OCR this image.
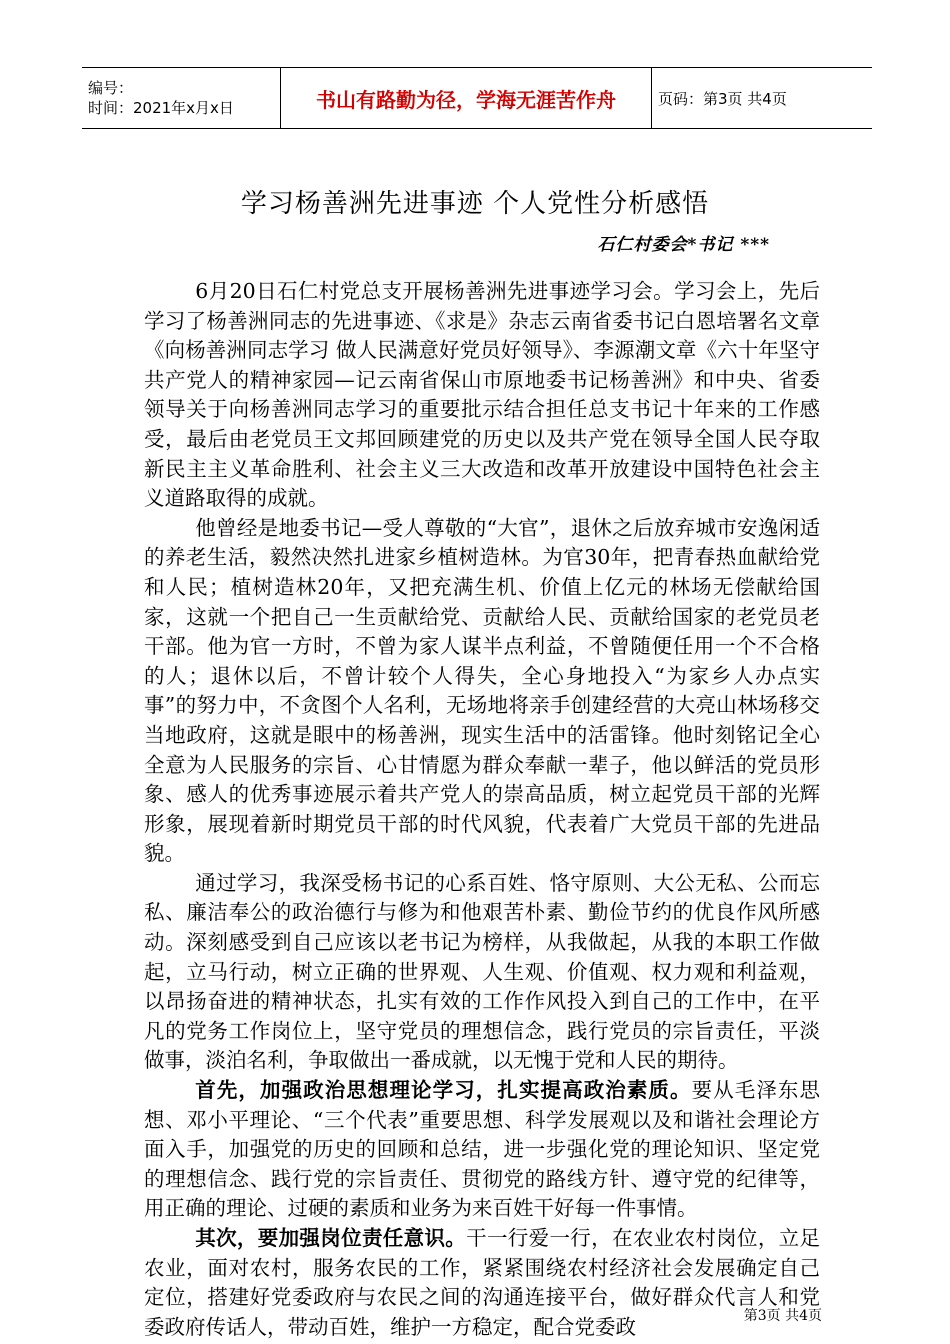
编号：
时间：2021年x月x日	书山有路勤为径，学海无涯苦作舟	页码：第3页 共4页
学习杨善洲先进事迹 个人党性分析感悟
石仁村委会*书记 ***

6月20日石仁村党总支开展杨善洲先进事迹学习会。学习会上，先后学习了杨善洲同志的先进事迹、《求是》杂志云南省委书记白恩培署名文章《向杨善洲同志学习 做人民满意好党员好领导》、李源潮文章《六十年坚守共产党人的精神家园—记云南省保山市原地委书记杨善洲》和中央、省委领导关于向杨善洲同志学习的重要批示结合担任总支书记十年来的工作感受，最后由老党员王文邦回顾建党的历史以及共产党在领导全国人民夺取新民主主义革命胜利、社会主义三大改造和改革开放建设中国特色社会主义道路取得的成就。

他曾经是地委书记—受人尊敬的“大官”，退休之后放弃城市安逸闲适的养老生活，毅然决然扎进家乡植树造林。为官30年，把青春热血献给党和人民；植树造林20年，又把充满生机、价值上亿元的林场无偿献给国家，这就一个把自己一生贡献给党、贡献给人民、贡献给国家的老党员老干部。他为官一方时，不曾为家人谋半点利益，不曾随便任用一个不合格的人；退休以后，不曾计较个人得失，全心身地投入“为家乡人办点实事”的努力中，不贪图个人名利，无场地将亲手创建经营的大亮山林场移交当地政府，这就是眼中的杨善洲，现实生活中的活雷锋。他时刻铭记全心全意为人民服务的宗旨、心甘情愿为群众奉献一辈子，他以鲜活的党员形象、感人的优秀事迹展示着共产党人的崇高品质，树立起党员干部的光辉形象，展现着新时期党员干部的时代风貌，代表着广大党员干部的先进品貌。

通过学习，我深受杨书记的心系百姓、恪守原则、大公无私、公而忘私、廉洁奉公的政治德行与修为和他艰苦朴素、勤俭节约的优良作风所感动。深刻感受到自己应该以老书记为榜样，从我做起，从我的本职工作做起，立马行动，树立正确的世界观、人生观、价值观、权力观和利益观，以昂扬奋进的精神状态，扎实有效的工作作风投入到自己的工作中，在平凡的党务工作岗位上，坚守党员的理想信念，践行党员的宗旨责任，平淡做事，淡泊名利，争取做出一番成就，以无愧于党和人民的期待。

首先，加强政治思想理论学习，扎实提高政治素质。要从毛泽东思想、邓小平理论、“三个代表”重要思想、科学发展观以及和谐社会理论方面入手，加强党的历史的回顾和总结，进一步强化党的理论知识、坚定党的理想信念、践行党的宗旨责任、贯彻党的路线方针、遵守党的纪律等，用正确的理论、过硬的素质和业务为来百姓干好每一件事情。

其次，要加强岗位责任意识。干一行爱一行，在农业农村岗位，立足农业，面对农村，服务农民的工作，紧紧围绕农村经济社会发展确定自己定位，搭建好党委政府与农民之间的沟通连接平台，做好群众代言人和党委政府传话人，带动百姓，维护一方稳定，配合党委政	第3页 共4页
